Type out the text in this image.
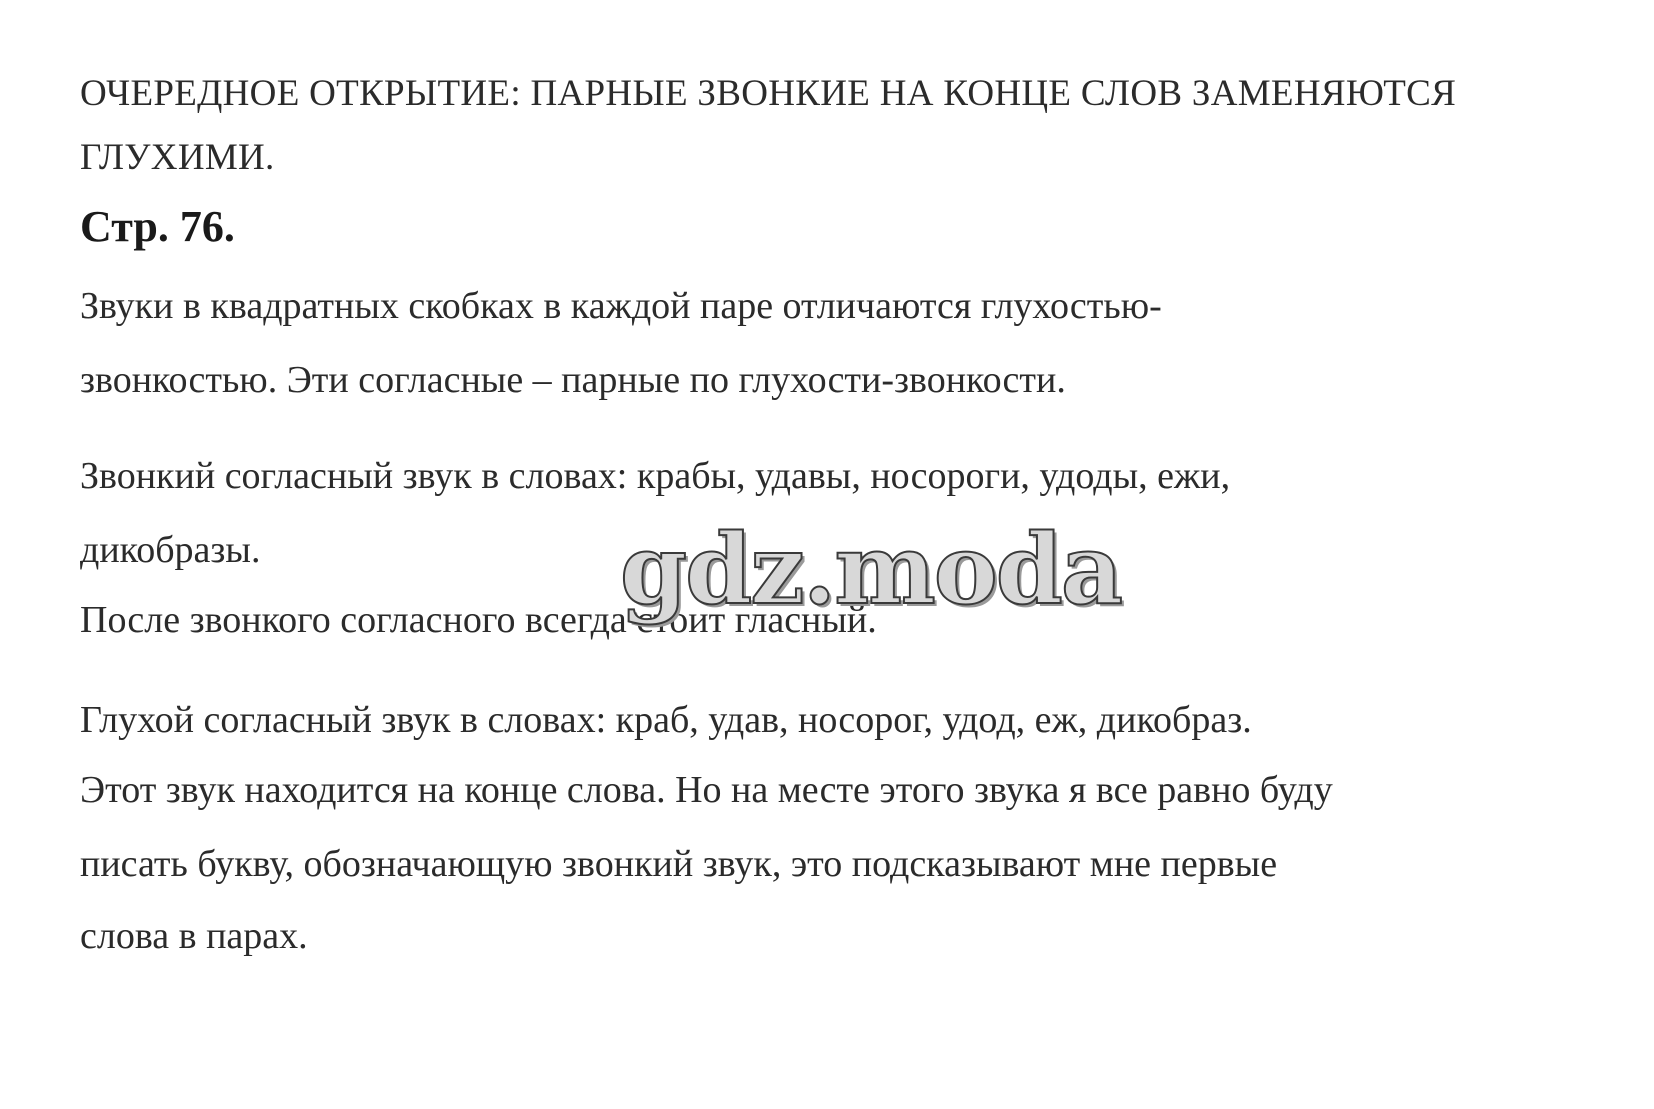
ОЧЕРЕДНОЕ ОТКРЫТИЕ: ПАРНЫЕ ЗВОНКИЕ НА КОНЦЕ СЛОВ ЗАМЕНЯЮТСЯ

ГЛУХИМИ.

Стр. 76.

Звуки в квадратных скобках в каждой паре отличаются глухостью-

звонкостью. Эти согласные – парные по глухости-звонкости.

Звонкий согласный звук в словах: крабы, удавы, носороги, удоды, ежи,

дикобразы.

После звонкого согласного всегда стоит гласный.

Глухой согласный звук в словах: краб, удав, носорог, удод, еж, дикобраз.

Этот звук находится на конце слова. Но на месте этого звука я все равно буду

писать букву, обозначающую звонкий звук, это подсказывают мне первые

слова в парах.

gdz.moda
